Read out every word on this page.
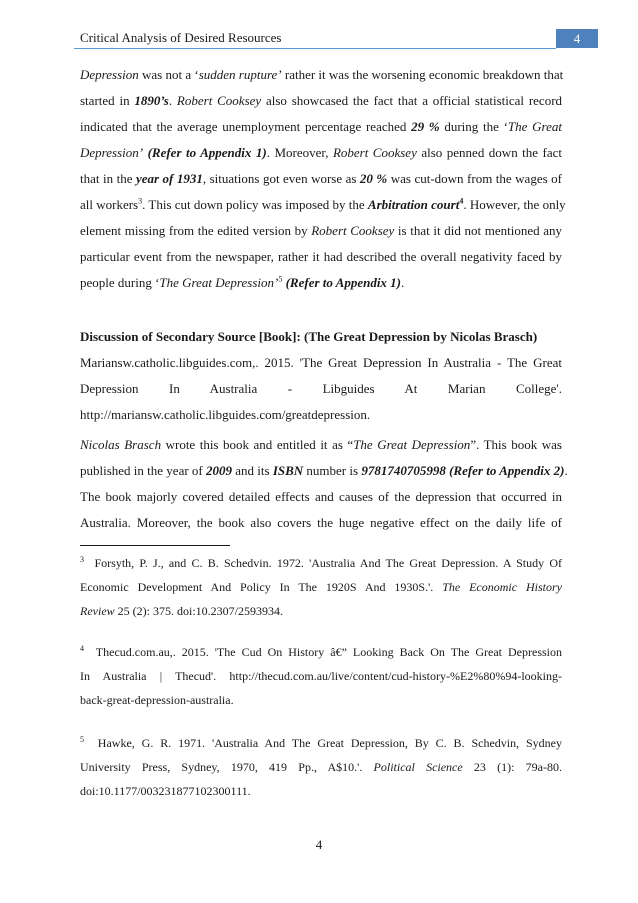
Critical Analysis of Desired Resources	4
Depression was not a ‘sudden rupture’ rather it was the worsening economic breakdown that
started in 1890’s. Robert Cooksey also showcased the fact that a official statistical record
indicated that the average unemployment percentage reached 29 % during the ‘The Great
Depression’ (Refer to Appendix 1). Moreover, Robert Cooksey also penned down the fact
that in the year of 1931, situations got even worse as 20 % was cut-down from the wages of
all workers$^3$. This cut down policy was imposed by the Arbitration court$^4$. However, the only
element missing from the edited version by Robert Cooksey is that it did not mentioned any
particular event from the newspaper, rather it had described the overall negativity faced by
people during ‘The Great Depression’$^5$ (Refer to Appendix 1).
Discussion of Secondary Source [Book]: (The Great Depression by Nicolas Brasch)
Mariansw.catholic.libguides.com,. 2015. 'The Great Depression In Australia - The Great
Depression In Australia - Libguides At Marian College'.
http://mariansw.catholic.libguides.com/greatdepression.
Nicolas Brasch wrote this book and entitled it as “The Great Depression”. This book was
published in the year of 2009 and its ISBN number is 9781740705998 (Refer to Appendix 2).
The book majorly covered detailed effects and causes of the depression that occurred in
Australia. Moreover, the book also covers the huge negative effect on the daily life of
$^3$ Forsyth, P. J., and C. B. Schedvin. 1972. 'Australia And The Great Depression. A Study Of
Economic Development And Policy In The 1920S And 1930S.'. The Economic History
Review 25 (2): 375. doi:10.2307/2593934.
$^4$ Thecud.com.au,. 2015. 'The Cud On History â€” Looking Back On The Great Depression
In Australia | Thecud'. http://thecud.com.au/live/content/cud-history-%E2%80%94-looking-
back-great-depression-australia.
$^5$ Hawke, G. R. 1971. 'Australia And The Great Depression, By C. B. Schedvin, Sydney
University Press, Sydney, 1970, 419 Pp., A$10.'. Political Science 23 (1): 79a-80.
doi:10.1177/003231877102300111.
4
